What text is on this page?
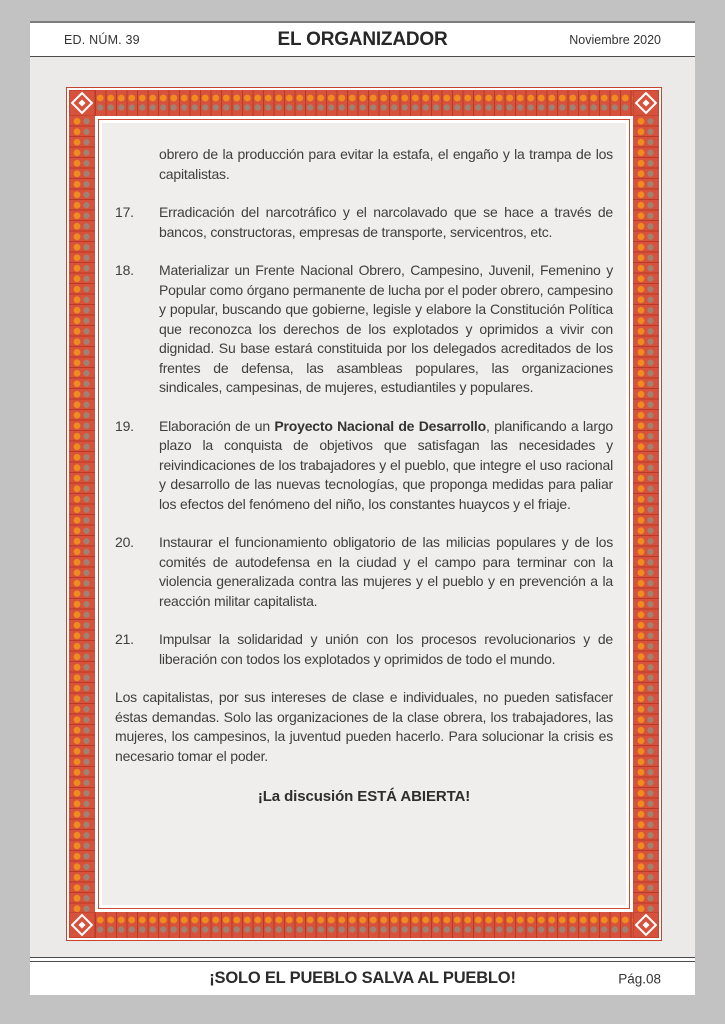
ED. NÚM. 39	EL ORGANIZADOR	Noviembre 2020
obrero de la producción para evitar la estafa, el engaño y la trampa de los capitalistas.
17.	Erradicación del narcotráfico y el narcolavado que se hace a través de bancos, constructoras, empresas de transporte, servicentros, etc.
18.	Materializar un Frente Nacional Obrero, Campesino, Juvenil, Femenino y Popular como órgano permanente de lucha por el poder obrero, campesino y popular, buscando que gobierne, legisle y elabore la Constitución Política que reconozca los derechos de los explotados y oprimidos a vivir con dignidad. Su base estará constituida por los delegados acreditados de los frentes de defensa, las asambleas populares, las organizaciones sindicales, campesinas, de mujeres, estudiantiles y populares.
19.	Elaboración de un Proyecto Nacional de Desarrollo, planificando a largo plazo la conquista de objetivos que satisfagan las necesidades y reivindicaciones de los trabajadores y el pueblo, que integre el uso racional y desarrollo de las nuevas tecnologías, que proponga medidas para paliar los efectos del fenómeno del niño, los constantes huaycos y el friaje.
20.	Instaurar el funcionamiento obligatorio de las milicias populares y de los comités de autodefensa en la ciudad y el campo para terminar con la violencia generalizada contra las mujeres y el pueblo y en prevención a la reacción militar capitalista.
21.	Impulsar la solidaridad y unión con los procesos revolucionarios y de liberación con todos los explotados y oprimidos de todo el mundo.
Los capitalistas, por sus intereses de clase e individuales, no pueden satisfacer éstas demandas. Solo las organizaciones de la clase obrera, los trabajadores, las mujeres, los campesinos, la juventud pueden hacerlo. Para solucionar la crisis es necesario tomar el poder.
¡La discusión ESTÁ ABIERTA!
¡SOLO EL PUEBLO SALVA AL PUEBLO!	Pág.08
